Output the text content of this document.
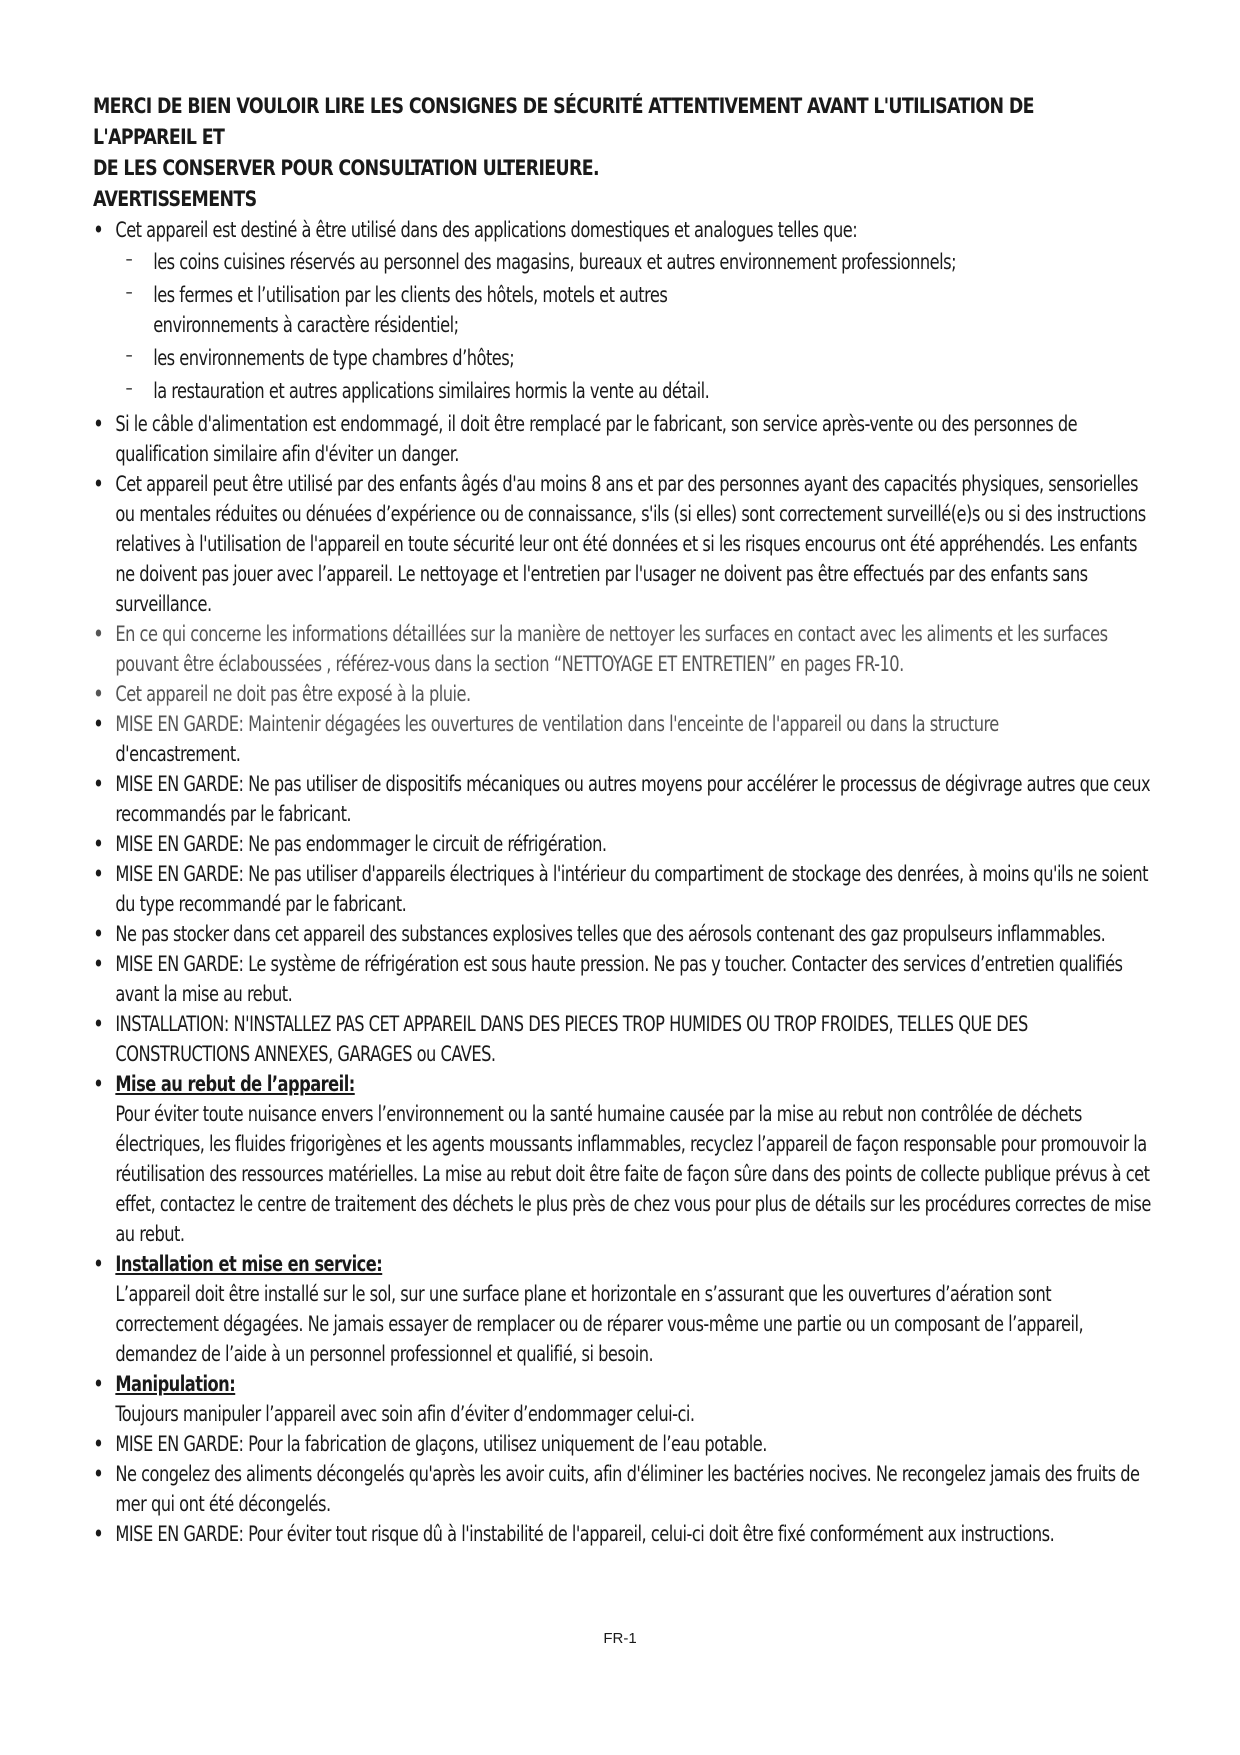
MERCI DE BIEN VOULOIR LIRE LES CONSIGNES DE SÉCURITÉ ATTENTIVEMENT AVANT L'UTILISATION DE L'APPAREIL ET
DE LES CONSERVER POUR CONSULTATION ULTERIEURE.
AVERTISSEMENTS
• Cet appareil est destiné à être utilisé dans des applications domestiques et analogues telles que:
– les coins cuisines réservés au personnel des magasins, bureaux et autres environnement professionnels;
– les fermes et l’utilisation par les clients des hôtels, motels et autres
environnements à caractère résidentiel;
– les environnements de type chambres d’hôtes;
– la restauration et autres applications similaires hormis la vente au détail.
• Si le câble d'alimentation est endommagé, il doit être remplacé par le fabricant, son service après-vente ou des personnes de qualification similaire afin d'éviter un danger.
• Cet appareil peut être utilisé par des enfants âgés d'au moins 8 ans et par des personnes ayant des capacités physiques, sensorielles ou mentales réduites ou dénuées d’expérience ou de connaissance, s'ils (si elles) sont correctement surveillé(e)s ou si des instructions relatives à l'utilisation de l'appareil en toute sécurité leur ont été données et si les risques encourus ont été appréhendés. Les enfants ne doivent pas jouer avec l’appareil. Le nettoyage et l'entretien par l'usager ne doivent pas être effectués par des enfants sans surveillance.
• En ce qui concerne les informations détaillées sur la manière de nettoyer les surfaces en contact avec les aliments et les surfaces pouvant être éclaboussées , référez-vous dans la section “NETTOYAGE ET ENTRETIEN” en pages FR-10.
• Cet appareil ne doit pas être exposé à la pluie.
• MISE EN GARDE: Maintenir dégagées les ouvertures de ventilation dans l'enceinte de l'appareil ou dans la structure
d'encastrement.
• MISE EN GARDE: Ne pas utiliser de dispositifs mécaniques ou autres moyens pour accélérer le processus de dégivrage autres que ceux recommandés par le fabricant.
• MISE EN GARDE: Ne pas endommager le circuit de réfrigération.
• MISE EN GARDE: Ne pas utiliser d'appareils électriques à l'intérieur du compartiment de stockage des denrées, à moins qu'ils ne soient du type recommandé par le fabricant.
• Ne pas stocker dans cet appareil des substances explosives telles que des aérosols contenant des gaz propulseurs inflammables.
• MISE EN GARDE: Le système de réfrigération est sous haute pression. Ne pas y toucher. Contacter des services d’entretien qualifiés avant la mise au rebut.
• INSTALLATION: N'INSTALLEZ PAS CET APPAREIL DANS DES PIECES TROP HUMIDES OU TROP FROIDES, TELLES QUE DES CONSTRUCTIONS ANNEXES, GARAGES ou CAVES.
• Mise au rebut de l’appareil:
Pour éviter toute nuisance envers l’environnement ou la santé humaine causée par la mise au rebut non contrôlée de déchets électriques, les fluides frigorigènes et les agents moussants inflammables, recyclez l’appareil de façon responsable pour promouvoir la réutilisation des ressources matérielles. La mise au rebut doit être faite de façon sûre dans des points de collecte publique prévus à cet effet, contactez le centre de traitement des déchets le plus près de chez vous pour plus de détails sur les procédures correctes de mise au rebut.
• Installation et mise en service:
L’appareil doit être installé sur le sol, sur une surface plane et horizontale en s’assurant que les ouvertures d’aération sont correctement dégagées. Ne jamais essayer de remplacer ou de réparer vous-même une partie ou un composant de l’appareil, demandez de l’aide à un personnel professionnel et qualifié, si besoin.
• Manipulation:
Toujours manipuler l’appareil avec soin afin d’éviter d’endommager celui-ci.
• MISE EN GARDE: Pour la fabrication de glaçons, utilisez uniquement de l’eau potable.
• Ne congelez des aliments décongelés qu'après les avoir cuits, afin d'éliminer les bactéries nocives. Ne recongelez jamais des fruits de mer qui ont été décongelés.
• MISE EN GARDE: Pour éviter tout risque dû à l'instabilité de l'appareil, celui-ci doit être fixé conformément aux instructions.
FR-1
